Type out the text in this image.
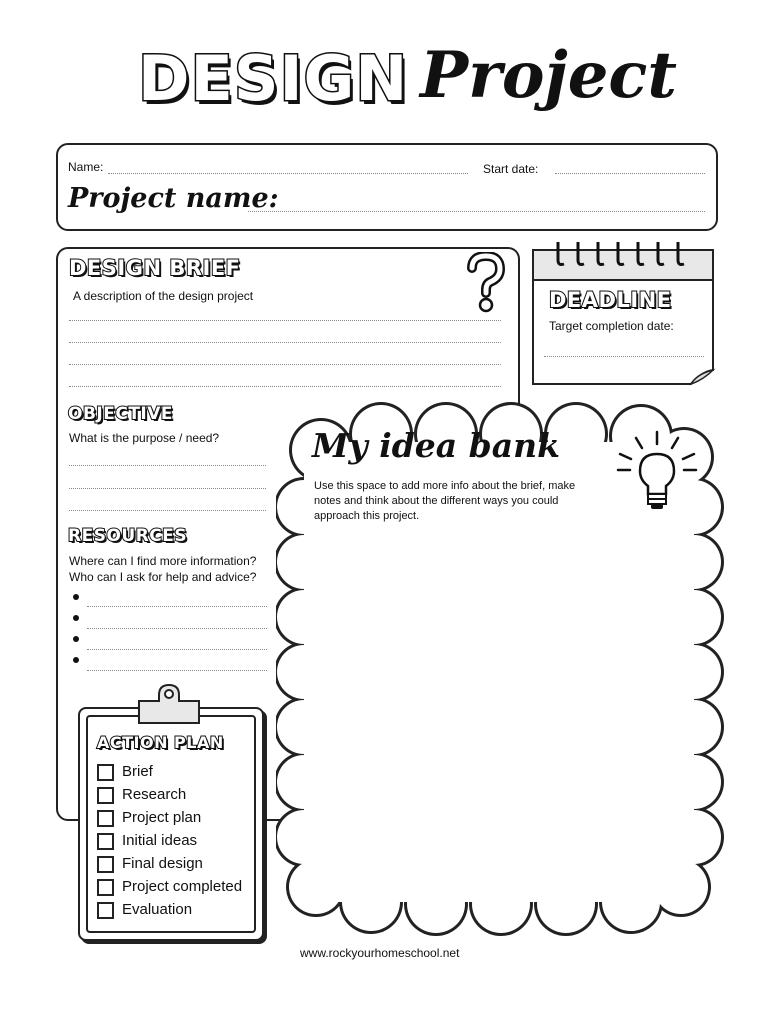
DESIGN Project
Name:	Start date:
Project name:
DESIGN BRIEF
A description of the design project
OBJECTIVE
What is the purpose / need?
RESOURCES
Where can I find more information?
Who can I ask for help and advice?
DEADLINE
Target completion date:
My idea bank
Use this space to add more info about the brief, make
notes and think about the different ways you could
approach this project.
ACTION PLAN
Brief
Research
Project plan
Initial ideas
Final design
Project completed
Evaluation
www.rockyourhomeschool.net
